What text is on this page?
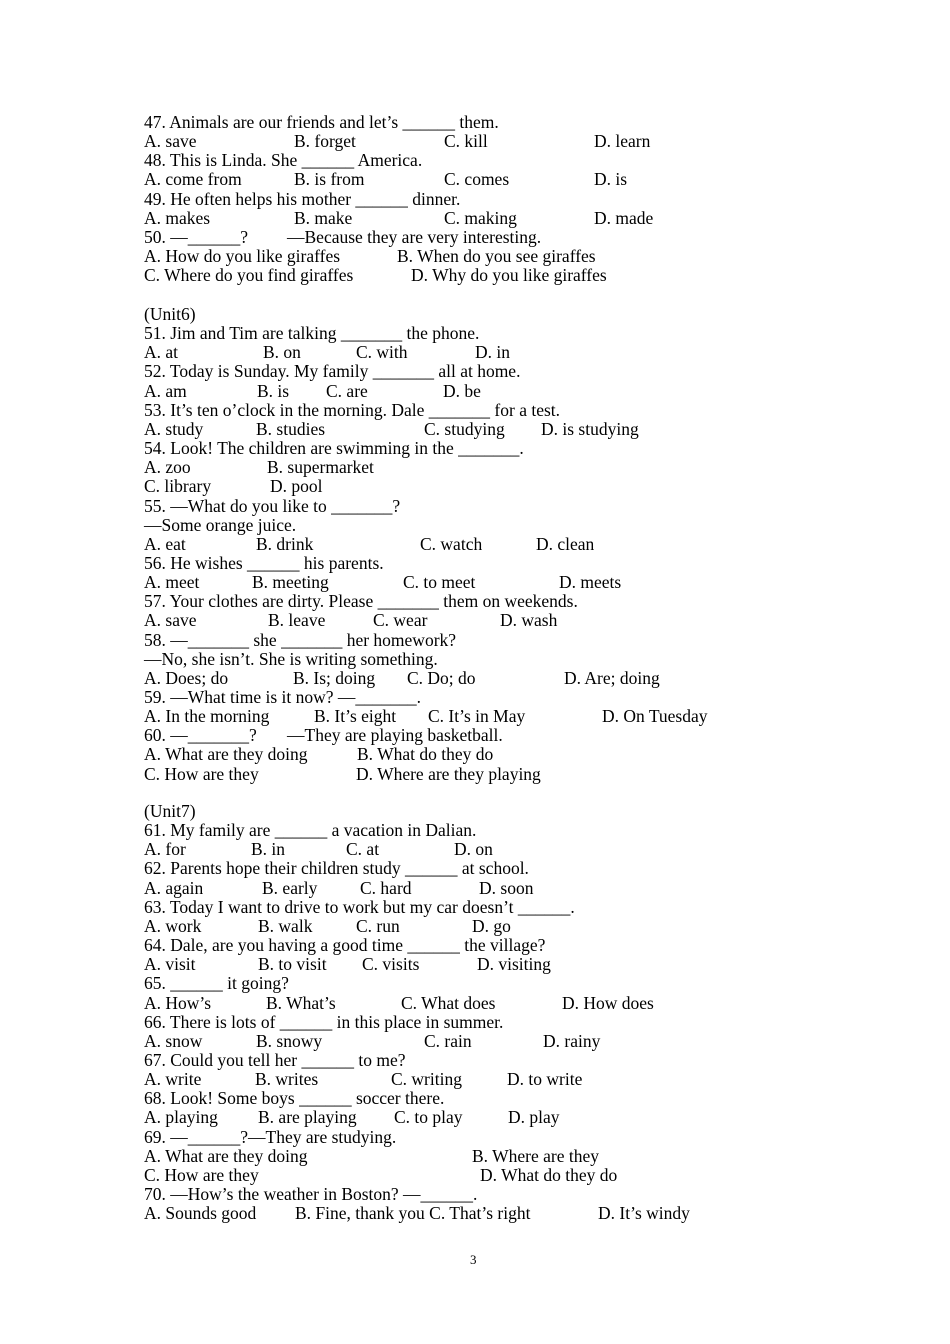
47. Animals are our friends and let’s ______ them.
A. save	B. forget	C. kill	D. learn
48. This is Linda. She ______ America.
A. come from	B. is from	C. comes	D. is
49. He often helps his mother ______ dinner.
A. makes	B. make	C. making	D. made
50. —______? —Because they are very interesting.
A. How do you like giraffes	B. When do you see giraffes
C. Where do you find giraffes	D. Why do you like giraffes
(Unit6)
51. Jim and Tim are talking _______ the phone.
A. at	B. on	C. with	D. in
52. Today is Sunday. My family _______ all at home.
A. am	B. is C. are	D. be
53. It’s ten o’clock in the morning. Dale _______ for a test.
A. study	B. studies	C. studying D. is studying
54. Look! The children are swimming in the _______.
A. zoo	B. supermarket
C. library	D. pool
55. —What do you like to _______?
—Some orange juice.
A. eat	B. drink	C. watch	D. clean
56. He wishes ______ his parents.
A. meet	B. meeting	C. to meet	D. meets
57. Your clothes are dirty. Please _______ them on weekends.
A. save	B. leave	C. wear	D. wash
58. —_______ she _______ her homework?
—No, she isn’t. She is writing something.
A. Does; do	B. Is; doing C. Do; do	D. Are; doing
59. —What time is it now? —_______.
A. In the morning	B. It’s eight C. It’s in May	D. On Tuesday
60. —_______? —They are playing basketball.
A. What are they doing	B. What do they do
C. How are they	D. Where are they playing
(Unit7)
61. My family are ______ a vacation in Dalian.
A. for	B. in	C. at	D. on
62. Parents hope their children study ______ at school.
A. again	B. early C. hard	D. soon
63. Today I want to drive to work but my car doesn’t ______.
A. work	B. walk C. run	D. go
64. Dale, are you having a good time ______ the village?
A. visit	B. to visit C. visits	D. visiting
65. ______ it going?
A. How’s	B. What’s	C. What does	D. How does
66. There is lots of ______ in this place in summer.
A. snow	B. snowy	C. rain	D. rainy
67. Could you tell her ______ to me?
A. write	B. writes	C. writing	D. to write
68. Look! Some boys ______ soccer there.
A. playing B. are playing C. to play	D. play
69. —______?—They are studying.
A. What are they doing	B. Where are they
C. How are they	D. What do they do
70. —How’s the weather in Boston? —______.
A. Sounds good B. Fine, thank you C. That’s right	D. It’s windy
3
